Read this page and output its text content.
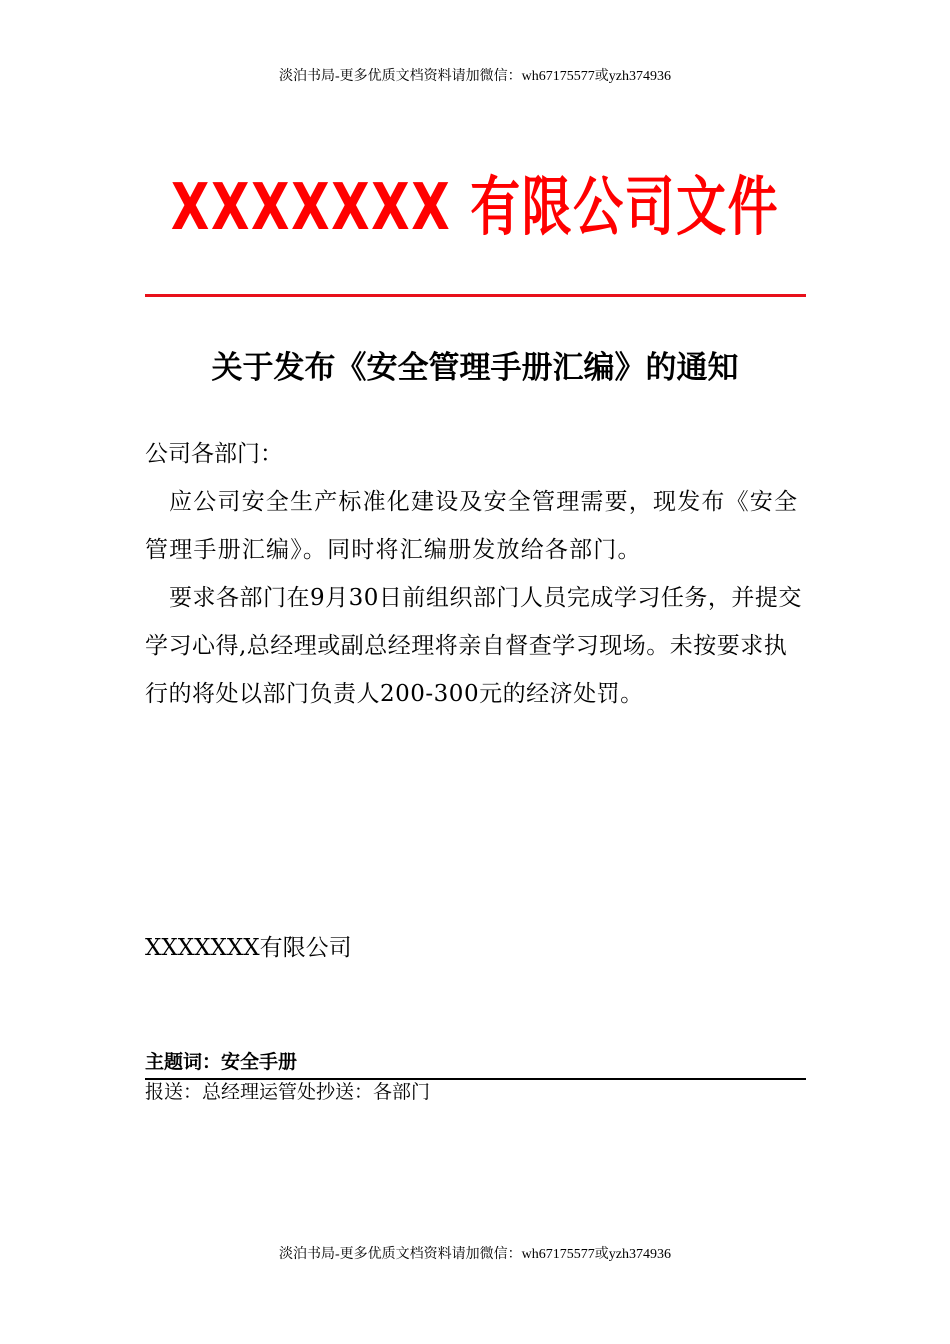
淡泊书局-更多优质文档资料请加微信：wh67175577或yzh374936
XXXXXXX 有限公司文件
关于发布《安全管理手册汇编》的通知
公司各部门：
应公司安全生产标准化建设及安全管理需要，现发布《安全管理手册汇编》。同时将汇编册发放给各部门。
要求各部门在9月30日前组织部门人员完成学习任务，并提交学习心得,总经理或副总经理将亲自督查学习现场。未按要求执行的将处以部门负责人200-300元的经济处罚。
XXXXXXX有限公司
主题词：安全手册
报送：总经理运管处抄送：各部门
淡泊书局-更多优质文档资料请加微信：wh67175577或yzh374936
